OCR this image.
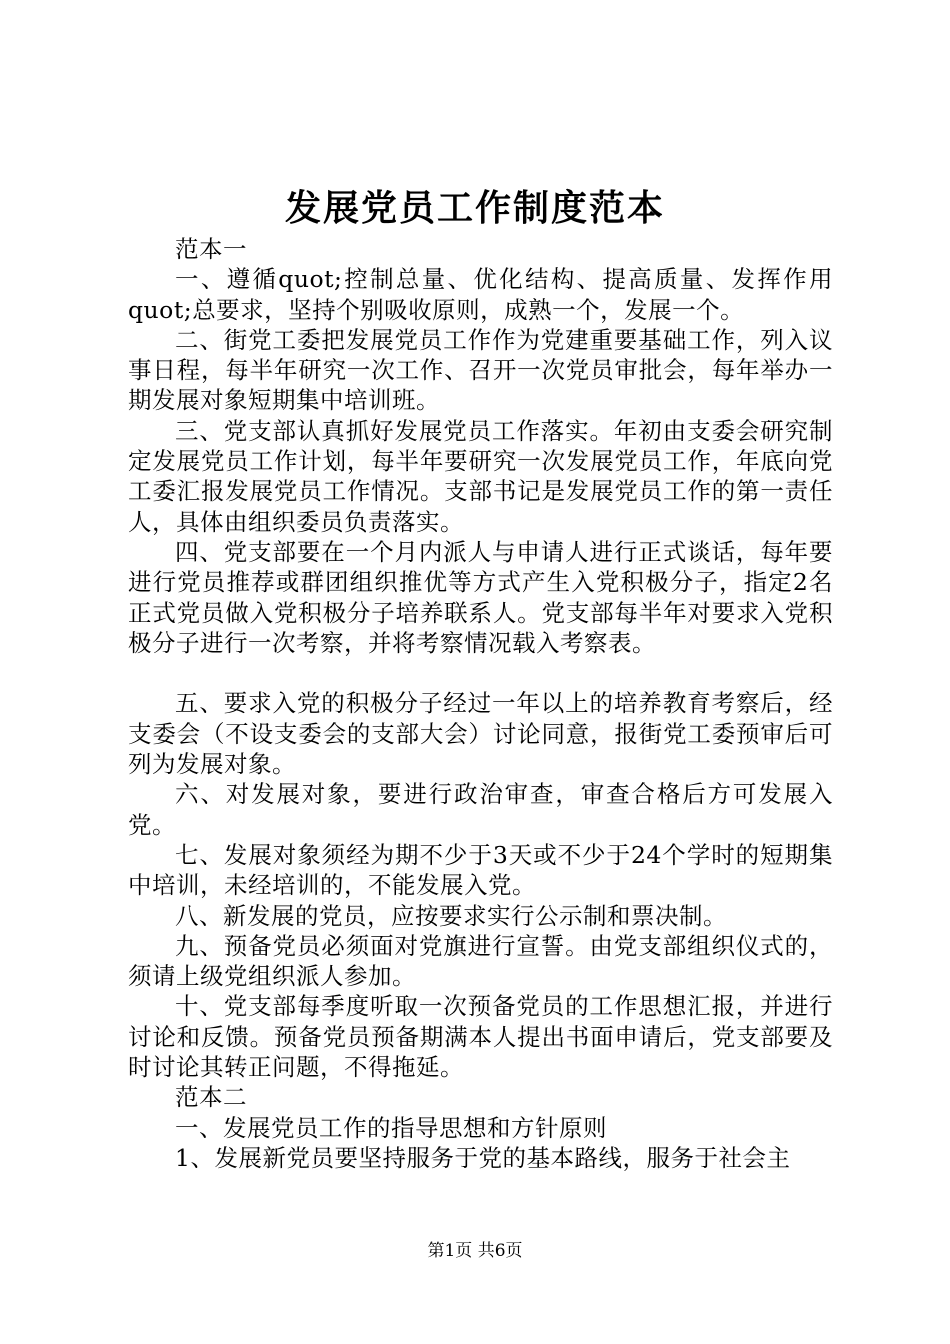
发展党员工作制度范本

范本一

一、遵循quot;控制总量、优化结构、提高质量、发挥作用quot;总要求，坚持个别吸收原则，成熟一个，发展一个。

二、街党工委把发展党员工作作为党建重要基础工作，列入议事日程，每半年研究一次工作、召开一次党员审批会，每年举办一期发展对象短期集中培训班。

三、党支部认真抓好发展党员工作落实。年初由支委会研究制定发展党员工作计划，每半年要研究一次发展党员工作，年底向党工委汇报发展党员工作情况。支部书记是发展党员工作的第一责任人，具体由组织委员负责落实。

四、党支部要在一个月内派人与申请人进行正式谈话，每年要进行党员推荐或群团组织推优等方式产生入党积极分子，指定2名正式党员做入党积极分子培养联系人。党支部每半年对要求入党积极分子进行一次考察，并将考察情况载入考察表。

五、要求入党的积极分子经过一年以上的培养教育考察后，经支委会（不设支委会的支部大会）讨论同意，报街党工委预审后可列为发展对象。

六、对发展对象，要进行政治审查，审查合格后方可发展入党。

七、发展对象须经为期不少于3天或不少于24个学时的短期集中培训，未经培训的，不能发展入党。

八、新发展的党员，应按要求实行公示制和票决制。

九、预备党员必须面对党旗进行宣誓。由党支部组织仪式的，须请上级党组织派人参加。

十、党支部每季度听取一次预备党员的工作思想汇报，并进行讨论和反馈。预备党员预备期满本人提出书面申请后，党支部要及时讨论其转正问题，不得拖延。

范本二

一、发展党员工作的指导思想和方针原则

1、发展新党员要坚持服务于党的基本路线，服务于社会主

第1页 共6页
